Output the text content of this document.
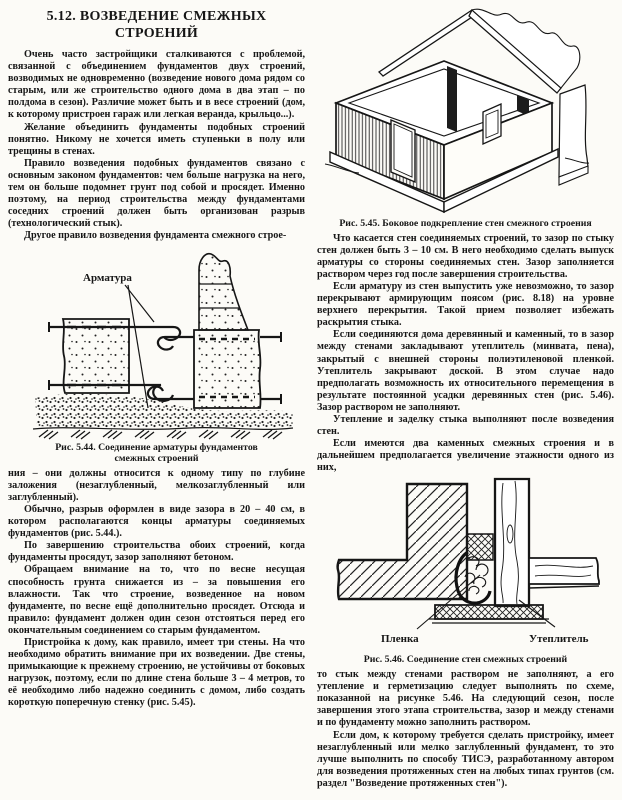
5.12. ВОЗВЕДЕНИЕ СМЕЖНЫХ
СТРОЕНИЙ

Очень часто застройщики сталкиваются с проблемой, связанной с объединением фундаментов двух строений, возводимых не одновременно (возведение нового дома рядом со старым, или же строительство одного дома в два этап – по полдома в сезон). Различие может быть и в весе строений (дом, к которому пристроен гараж или легкая веранда, крыльцо...).

Желание объединить фундаменты подобных строений понятно. Никому не хочется иметь ступеньки в полу или трещины в стенах.

Правило возведения подобных фундаментов связано с основным законом фундаментов: чем больше нагрузка на него, тем он больше подомнет грунт под собой и просядет. Именно поэтому, на период строительства между фундаментами соседних строений должен быть организован разрыв (технологический стык).

Другое правило возведения фундамента смежного строе-

Арматура
Рис. 5.44. Соединение арматуры фундаментов
смежных строений

ния – они должны относится к одному типу по глубине заложения (незаглубленный, мелкозаглубленный или заглубленный).

Обычно, разрыв оформлен в виде зазора в 20 – 40 см, в котором располагаются концы арматуры соединяемых фундаментов (рис. 5.44.).

По завершению строительства обоих строений, когда фундаменты просядут, зазор заполняют бетоном.

Обращаем внимание на то, что по весне несущая способность грунта снижается из – за повышения его влажности. Так что строение, возведенное на новом фундаменте, по весне ещё дополнительно просядет. Отсюда и правило: фундамент должен один сезон отстояться перед его окончательным соединением со старым фундаментом.

Пристройка к дому, как правило, имеет три стены. На что необходимо обратить внимание при их возведении. Две стены, примыкающие к прежнему строению, не устойчивы от боковых нагрузок, поэтому, если по длине стена больше 3 – 4 метров, то её необходимо либо надежно соединить с домом, либо создать короткую поперечную стенку (рис. 5.45).

Рис. 5.45. Боковое подкрепление стен смежного строения

Что касается стен соединяемых строений, то зазор по стыку стен должен быть 3 – 10 см. В него необходимо сделать выпуск арматуры со стороны соединяемых стен. Зазор заполняется раствором через год после завершения строительства.

Если арматуру из стен выпустить уже невозможно, то зазор перекрывают армирующим поясом (рис. 8.18) на уровне верхнего перекрытия. Такой прием позволяет избежать раскрытия стыка.

Если соединяются дома деревянный и каменный, то в зазор между стенами закладывают утеплитель (минвата, пена), закрытый с внешней стороны полиэтиленовой пленкой. Утеплитель закрывают доской. В этом случае надо предполагать возможность их относительного перемещения в результате постоянной усадки деревянных стен (рис. 5.46). Зазор раствором не заполняют.

Утепление и заделку стыка выполняют после возведения стен.

Если имеются два каменных смежных строения и в дальнейшем предполагается увеличение этажности одного из них,

Пленка	Утеплитель
Рис. 5.46. Соединение стен смежных строений

то стык между стенами раствором не заполняют, а его утепление и герметизацию следует выполнять по схеме, показанной на рисунке 5.46. На следующий сезон, после завершения этого этапа строительства, зазор и между стенами и по фундаменту можно заполнить раствором.

Если дом, к которому требуется сделать пристройку, имеет незаглубленный или мелко заглубленный фундамент, то это лучше выполнить по способу ТИСЭ, разработанному автором для возведения протяженных стен на любых типах грунтов (см. раздел "Возведение протяженных стен").
